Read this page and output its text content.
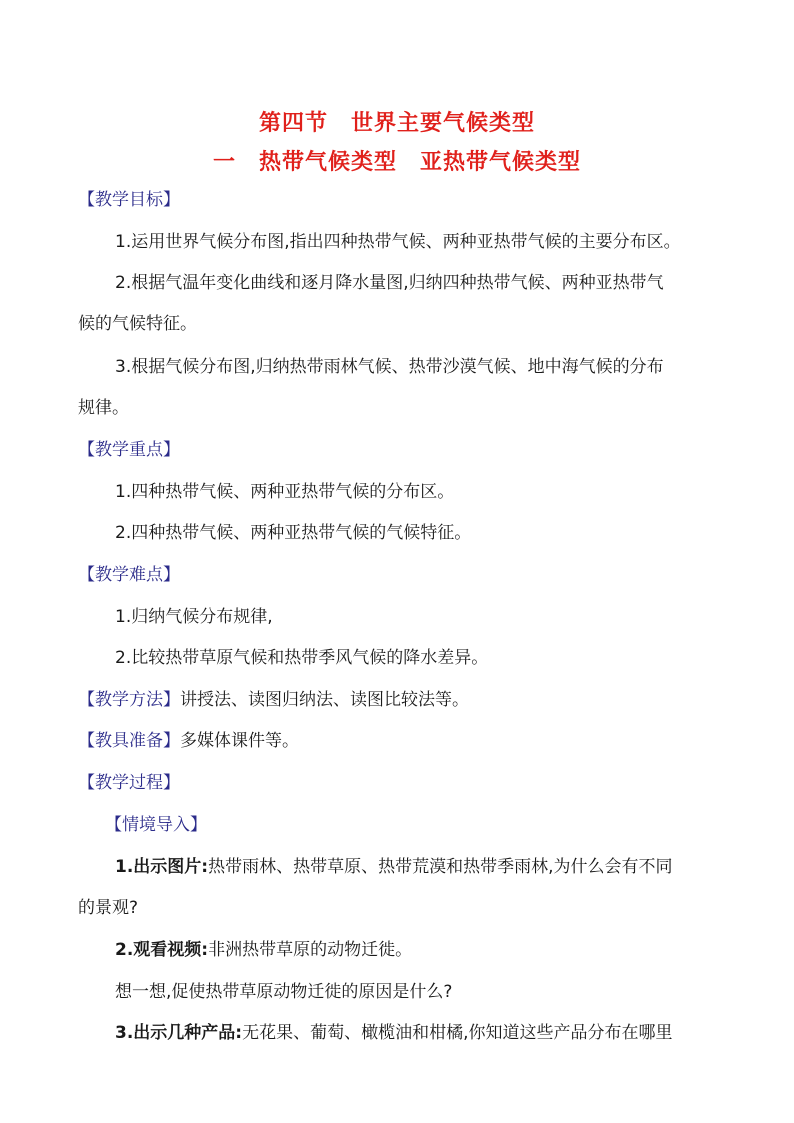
第四节　世界主要气候类型
一　热带气候类型　亚热带气候类型
【教学目标】
1.运用世界气候分布图,指出四种热带气候、两种亚热带气候的主要分布区。
2.根据气温年变化曲线和逐月降水量图,归纳四种热带气候、两种亚热带气
候的气候特征。
3.根据气候分布图,归纳热带雨林气候、热带沙漠气候、地中海气候的分布
规律。
【教学重点】
1.四种热带气候、两种亚热带气候的分布区。
2.四种热带气候、两种亚热带气候的气候特征。
【教学难点】
1.归纳气候分布规律,
2.比较热带草原气候和热带季风气候的降水差异。
【教学方法】讲授法、读图归纳法、读图比较法等。
【教具准备】多媒体课件等。
【教学过程】
【情境导入】
1.出示图片:热带雨林、热带草原、热带荒漠和热带季雨林,为什么会有不同
的景观?
2.观看视频:非洲热带草原的动物迁徙。
想一想,促使热带草原动物迁徙的原因是什么?
3.出示几种产品:无花果、葡萄、橄榄油和柑橘,你知道这些产品分布在哪里
